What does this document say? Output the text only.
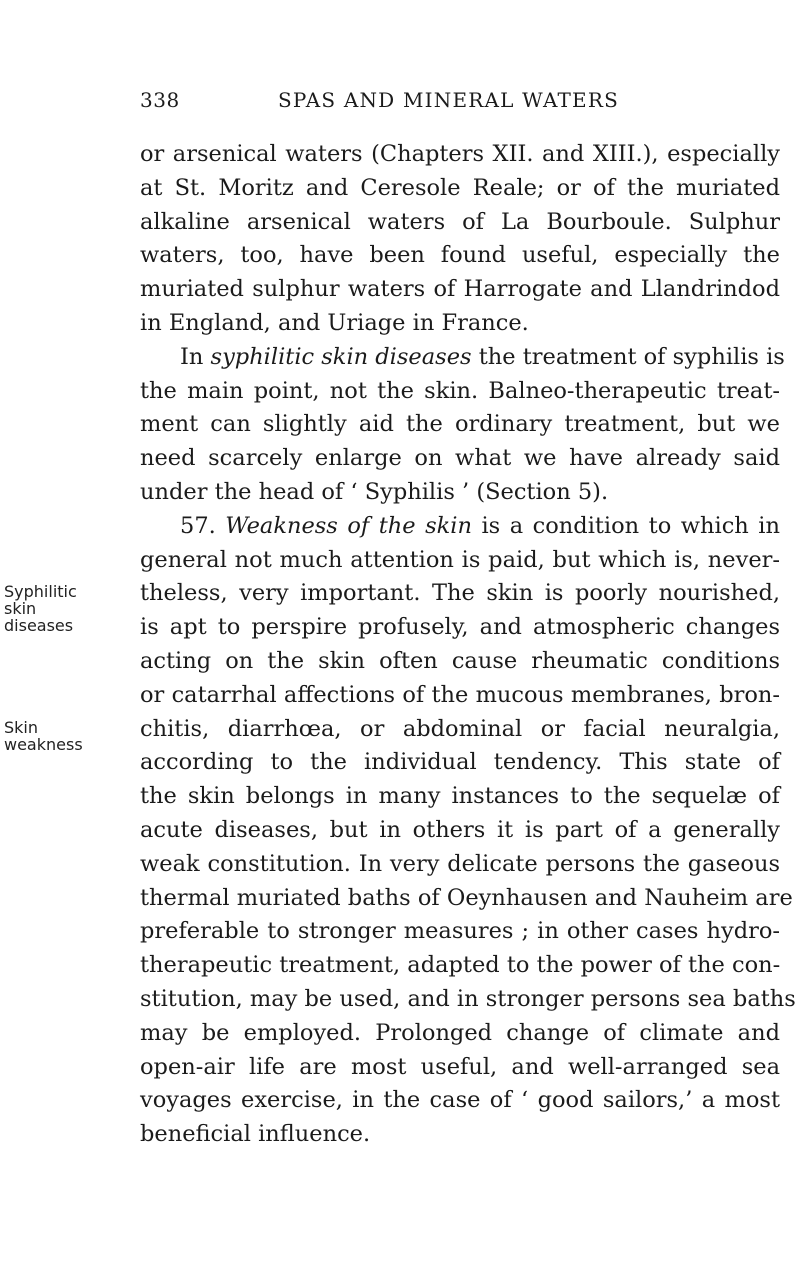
338	SPAS AND MINERAL WATERS
Syphilitic
skin
diseases
Skin
weakness
or arsenical waters (Chapters XII. and XIII.), especially
at St. Moritz and Ceresole Reale; or of the muriated
alkaline arsenical waters of La Bourboule. Sulphur
waters, too, have been found useful, especially the
muriated sulphur waters of Harrogate and Llandrindod
in England, and Uriage in France.
In syphilitic skin diseases the treatment of syphilis is
the main point, not the skin. Balneo-therapeutic treat-
ment can slightly aid the ordinary treatment, but we
need scarcely enlarge on what we have already said
under the head of ‘ Syphilis ’ (Section 5).
57. Weakness of the skin is a condition to which in
general not much attention is paid, but which is, never-
theless, very important. The skin is poorly nourished,
is apt to perspire profusely, and atmospheric changes
acting on the skin often cause rheumatic conditions
or catarrhal affections of the mucous membranes, bron-
chitis, diarrhœa, or abdominal or facial neuralgia,
according to the individual tendency. This state of
the skin belongs in many instances to the sequelæ of
acute diseases, but in others it is part of a generally
weak constitution. In very delicate persons the gaseous
thermal muriated baths of Oeynhausen and Nauheim are
preferable to stronger measures ; in other cases hydro-
therapeutic treatment, adapted to the power of the con-
stitution, may be used, and in stronger persons sea baths
may be employed. Prolonged change of climate and
open-air life are most useful, and well-arranged sea
voyages exercise, in the case of ‘ good sailors,’ a most
beneficial influence.
